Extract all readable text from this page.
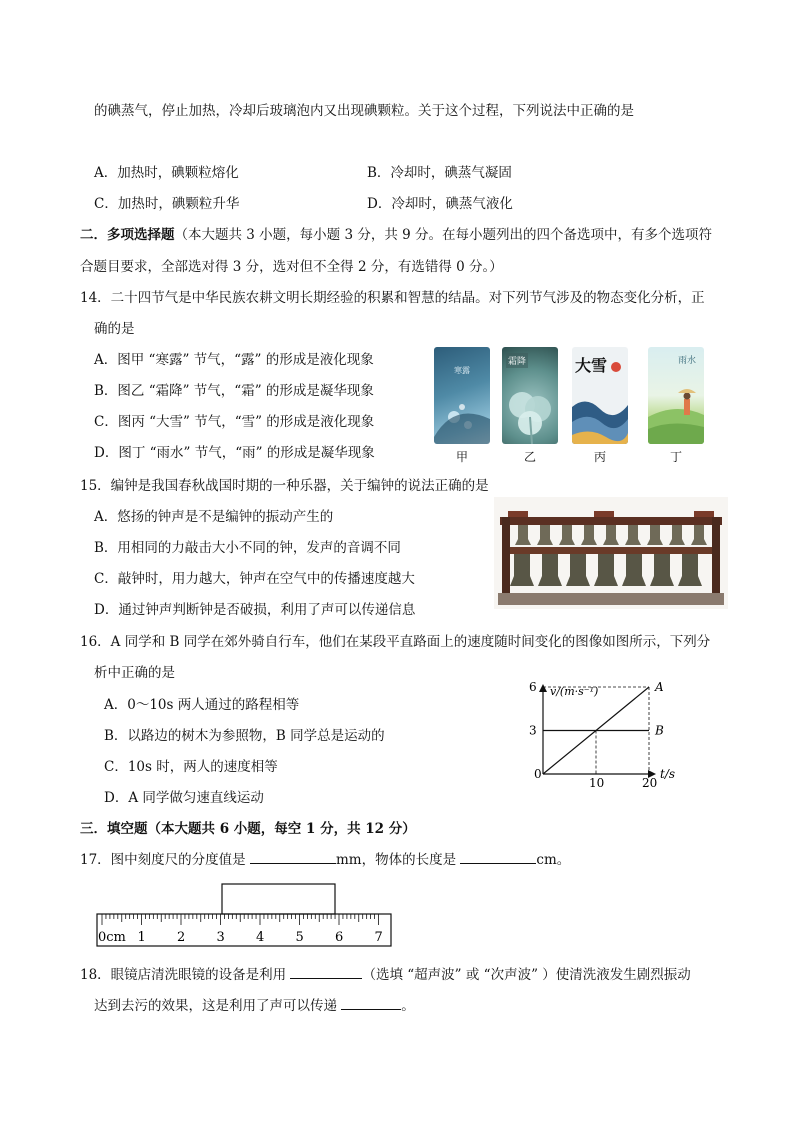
的碘蒸气，停止加热，冷却后玻璃泡内又出现碘颗粒。关于这个过程，下列说法中正确的是
A．加热时，碘颗粒熔化	B．冷却时，碘蒸气凝固
C．加热时，碘颗粒升华	D．冷却时，碘蒸气液化
二．多项选择题（本大题共 3 小题，每小题 3 分，共 9 分。在每小题列出的四个备选项中，有多个选项符
合题目要求，全部选对得 3 分，选对但不全得 2 分，有选错得 0 分。）
14．二十四节气是中华民族农耕文明长期经验的积累和智慧的结晶。对下列节气涉及的物态变化分析，正
确的是
A．图甲 “寒露” 节气，“露” 的形成是液化现象
B．图乙 “霜降” 节气，“霜” 的形成是凝华现象
C．图丙 “大雪” 节气，“雪” 的形成是液化现象
D．图丁 “雨水” 节气，“雨” 的形成是凝华现象
寒露
甲
霜降
乙
大雪
丙
雨水
丁
15．编钟是我国春秋战国时期的一种乐器，关于编钟的说法正确的是
A．悠扬的钟声是不是编钟的振动产生的
B．用相同的力敲击大小不同的钟，发声的音调不同
C．敲钟时，用力越大，钟声在空气中的传播速度越大
D．通过钟声判断钟是否破损，利用了声可以传递信息
16．A 同学和 B 同学在郊外骑自行车，他们在某段平直路面上的速度随时间变化的图像如图所示，下列分
析中正确的是
A．0～10s 两人通过的路程相等
B．以路边的树木为参照物，B 同学总是运动的
C．10s 时，两人的速度相等
D．A 同学做匀速直线运动
v/(m·s⁻¹)
t/s
0
3
6
10	20
A
B
三．填空题（本大题共 6 小题，每空 1 分，共 12 分）
17．图中刻度尺的分度值是	mm，物体的长度是	cm。
0cm 1 2 3 4 5 6 7
18．眼镜店清洗眼镜的设备是利用	（选填 “超声波” 或 “次声波” ）使清洗液发生剧烈振动
达到去污的效果，这是利用了声可以传递	。
